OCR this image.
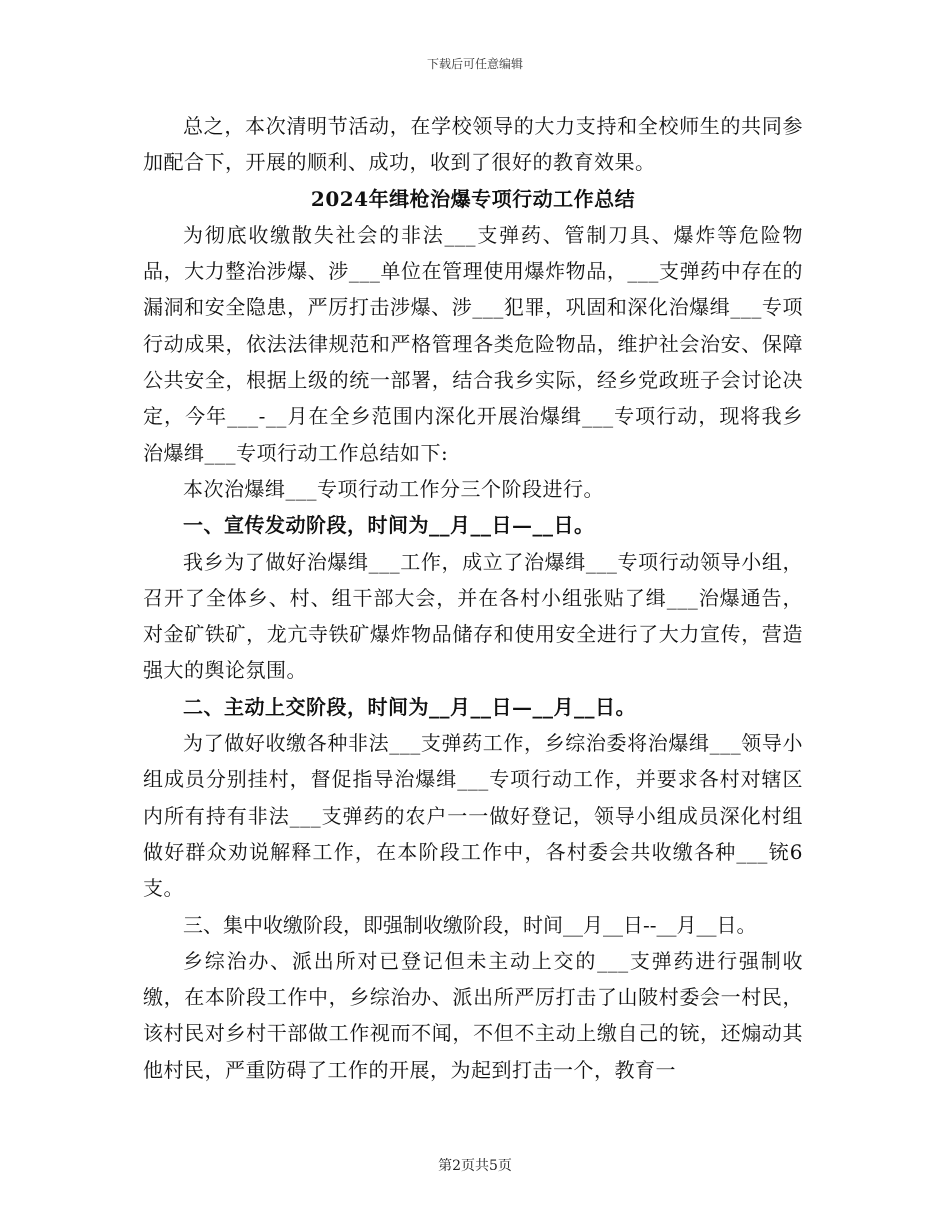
下载后可任意编辑

总之，本次清明节活动，在学校领导的大力支持和全校师生的共同参加配合下，开展的顺利、成功，收到了很好的教育效果。

2024年缉枪治爆专项行动工作总结

为彻底收缴散失社会的非法___支弹药、管制刀具、爆炸等危险物品，大力整治涉爆、涉___单位在管理使用爆炸物品，___支弹药中存在的漏洞和安全隐患，严厉打击涉爆、涉___犯罪，巩固和深化治爆缉___专项行动成果，依法法律规范和严格管理各类危险物品，维护社会治安、保障公共安全，根据上级的统一部署，结合我乡实际，经乡党政班子会讨论决定，今年___-__月在全乡范围内深化开展治爆缉___专项行动，现将我乡治爆缉___专项行动工作总结如下:

本次治爆缉___专项行动工作分三个阶段进行。

一、宣传发动阶段，时间为__月__日—__日。

我乡为了做好治爆缉___工作，成立了治爆缉___专项行动领导小组，召开了全体乡、村、组干部大会，并在各村小组张贴了缉___治爆通告，对金矿铁矿，龙亢寺铁矿爆炸物品储存和使用安全进行了大力宣传，营造强大的舆论氛围。

二、主动上交阶段，时间为__月__日—__月__日。

为了做好收缴各种非法___支弹药工作，乡综治委将治爆缉___领导小组成员分别挂村，督促指导治爆缉___专项行动工作，并要求各村对辖区内所有持有非法___支弹药的农户一一做好登记，领导小组成员深化村组做好群众劝说解释工作，在本阶段工作中，各村委会共收缴各种___铳6支。

三、集中收缴阶段，即强制收缴阶段，时间__月__日--__月__日。

乡综治办、派出所对已登记但未主动上交的___支弹药进行强制收缴，在本阶段工作中，乡综治办、派出所严厉打击了山陂村委会一村民，该村民对乡村干部做工作视而不闻，不但不主动上缴自己的铳，还煽动其他村民，严重防碍了工作的开展，为起到打击一个，教育一

第2页共5页
